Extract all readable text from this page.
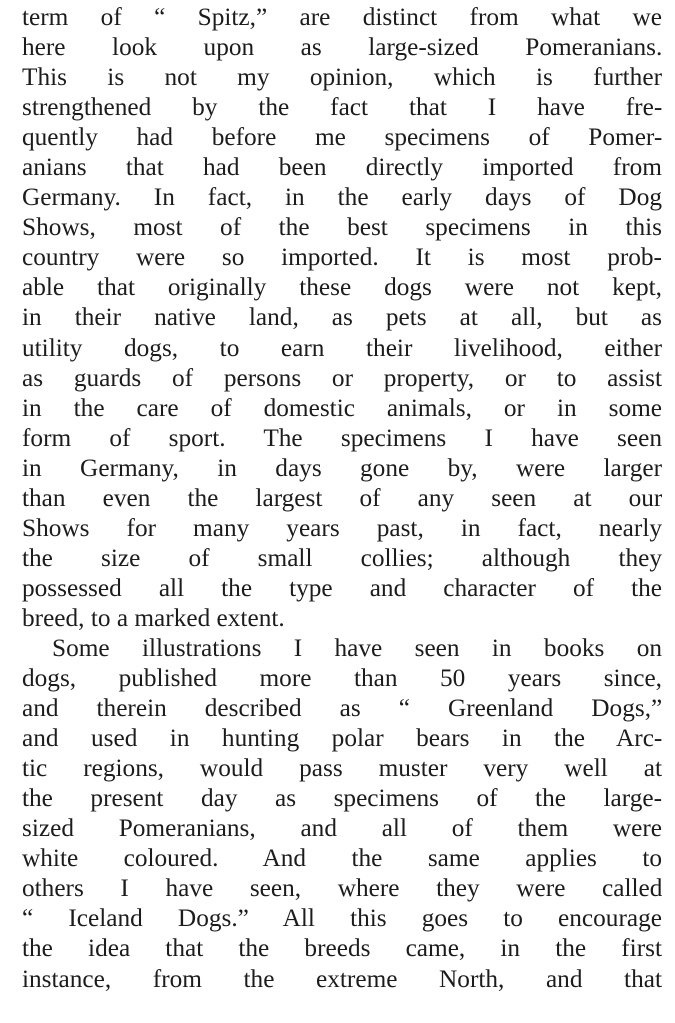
term of “ Spitz,” are distinct from what we
here look upon as large-sized Pomeranians.
This is not my opinion, which is further
strengthened by the fact that I have fre-
quently had before me specimens of Pomer-
anians that had been directly imported from
Germany. In fact, in the early days of Dog
Shows, most of the best specimens in this
country were so imported. It is most prob-
able that originally these dogs were not kept,
in their native land, as pets at all, but as
utility dogs, to earn their livelihood, either
as guards of persons or property, or to assist
in the care of domestic animals, or in some
form of sport. The specimens I have seen
in Germany, in days gone by, were larger
than even the largest of any seen at our
Shows for many years past, in fact, nearly
the size of small collies; although they
possessed all the type and character of the
breed, to a marked extent.
Some illustrations I have seen in books on
dogs, published more than 50 years since,
and therein described as “ Greenland Dogs,”
and used in hunting polar bears in the Arc-
tic regions, would pass muster very well at
the present day as specimens of the large-
sized Pomeranians, and all of them were
white coloured. And the same applies to
others I have seen, where they were called
“ Iceland Dogs.” All this goes to encourage
the idea that the breeds came, in the first
instance, from the extreme North, and that
